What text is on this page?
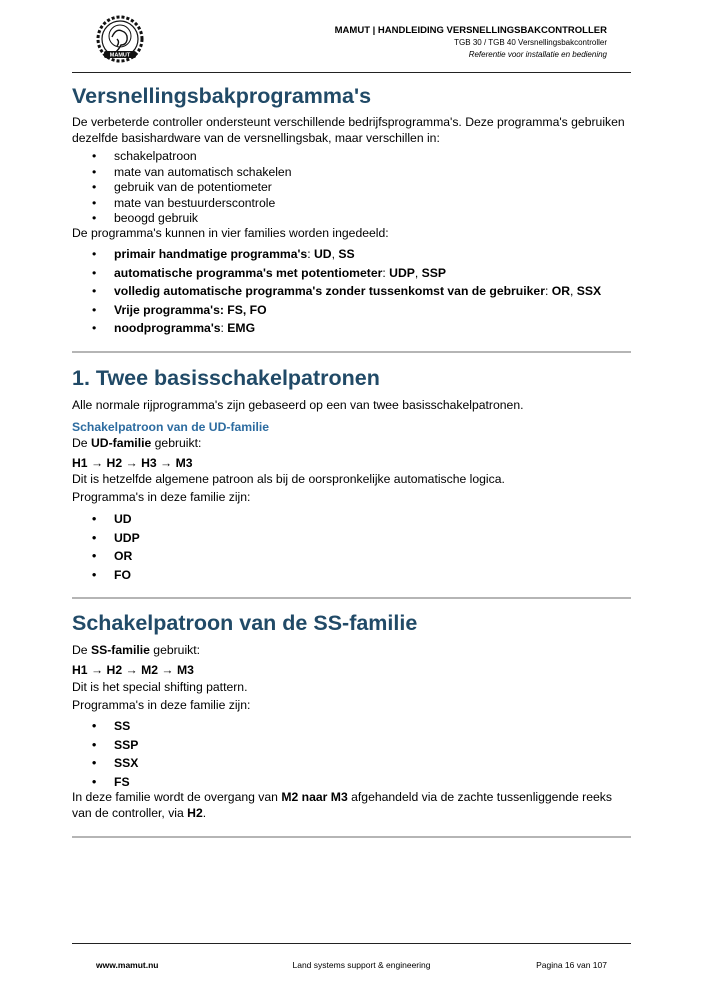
MAMUT
MAMUT | HANDLEIDING VERSNELLINGSBAKCONTROLLER
TGB 30 / TGB 40 Versnellingsbakcontroller
Referentie voor installatie en bediening
Versnellingsbakprogramma's

De verbeterde controller ondersteunt verschillende bedrijfsprogramma's. Deze programma's gebruiken dezelfde basishardware van de versnellingsbak, maar verschillen in:

• schakelpatroon
• mate van automatisch schakelen
• gebruik van de potentiometer
• mate van bestuurderscontrole
• beoogd gebruik

De programma's kunnen in vier families worden ingedeeld:

• primair handmatige programma's: UD, SS
• automatische programma's met potentiometer: UDP, SSP
• volledig automatische programma's zonder tussenkomst van de gebruiker: OR, SSX
• Vrije programma's: FS, FO
• noodprogramma's: EMG
1. Twee basisschakelpatronen

Alle normale rijprogramma's zijn gebaseerd op een van twee basisschakelpatronen.

Schakelpatroon van de UD-familie

De UD-familie gebruikt:

H1 → H2 → H3 → M3

Dit is hetzelfde algemene patroon als bij de oorspronkelijke automatische logica.

Programma's in deze familie zijn:

• UD
• UDP
• OR
• FO
Schakelpatroon van de SS-familie

De SS-familie gebruikt:

H1 → H2 → M2 → M3

Dit is het special shifting pattern.

Programma's in deze familie zijn:

• SS
• SSP
• SSX
• FS

In deze familie wordt de overgang van M2 naar M3 afgehandeld via de zachte tussenliggende reeks van de controller, via H2.

www.mamut.nu	Land systems support & engineering	Pagina 16 van 107
